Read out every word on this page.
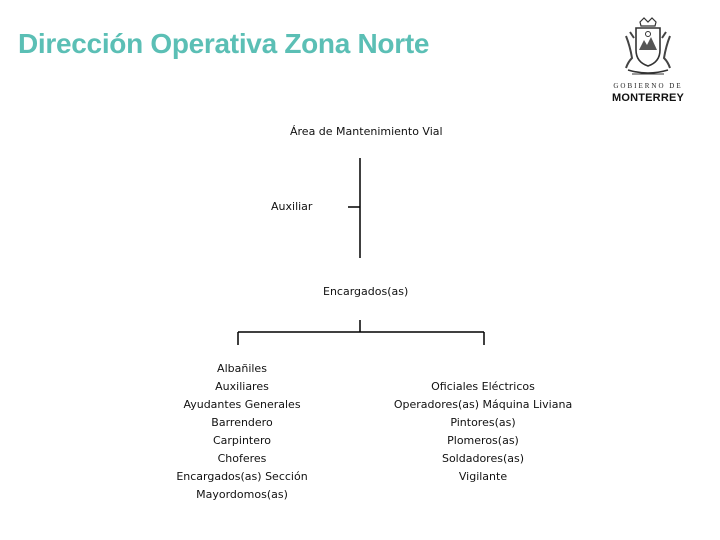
Dirección Operativa Zona Norte
GOBIERNO DE
MONTERREY
Área de Mantenimiento Vial
Auxiliar
Encargados(as)
Albañiles
Auxiliares
Ayudantes Generales
Barrendero
Carpintero
Choferes
Encargados(as) Sección
Mayordomos(as)
Oficiales Eléctricos
Operadores(as) Máquina Liviana
Pintores(as)
Plomeros(as)
Soldadores(as)
Vigilante
